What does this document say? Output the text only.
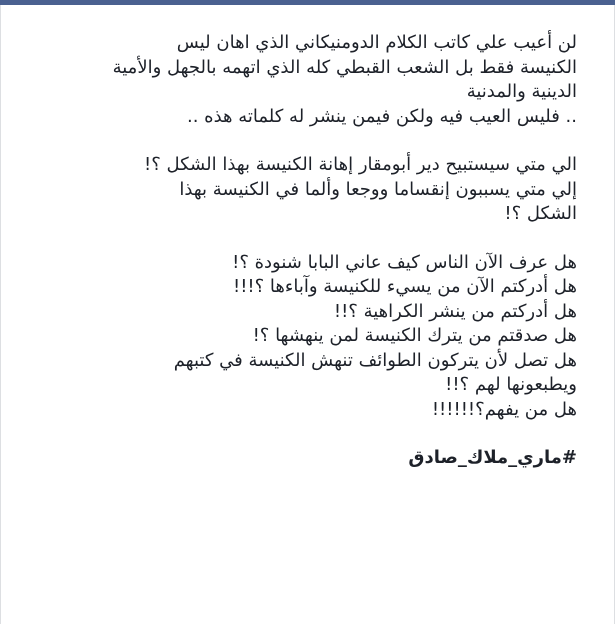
لن أعيب علي كاتب الكلام الدومنيكاني الذي اهان ليس

الكنيسة فقط بل الشعب القبطي كله الذي اتهمه بالجهل والأمية

الدينية والمدنية

.. فليس العيب فيه ولكن فيمن ينشر له كلماته هذه ..

الي متي سيستبيح دير أبومقار إهانة الكنيسة بهذا الشكل ؟!

إلي متي يسببون إنقساما ووجعا وألما في الكنيسة بهذا

الشكل ؟!

هل عرف الآن الناس كيف عاني البابا شنودة ؟!

هل أدركتم الآن من يسيء للكنيسة وآباءها ؟!!!

هل أدركتم من ينشر الكراهية ؟!!

هل صدقتم من يترك الكنيسة لمن ينهشها ؟!

هل تصل لأن يتركون الطوائف تنهش الكنيسة في كتبهم

ويطبعونها لهم ؟!!

هل من يفهم؟!!!!!!

#ماري_ملاك_صادق
